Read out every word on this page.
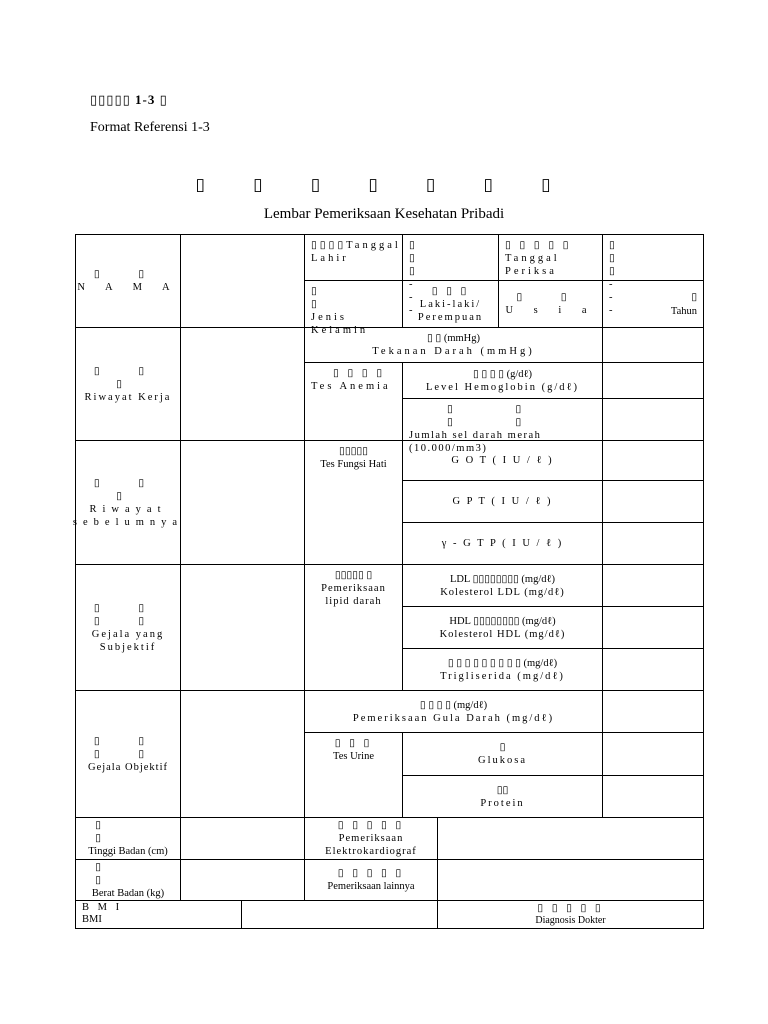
▯▯▯▯▯ 1-3 ▯
Format Referensi 1-3
▯ ▯ ▯ ▯ ▯ ▯ ▯
Lembar Pemeriksaan Kesehatan Pribadi
▯ ▯
N A M A
▯▯▯▯Tanggal Lahir
▯ ▯ ▯
- - -
▯ ▯ ▯ ▯ ▯
Tanggal Periksa
▯ ▯ ▯
- - -
▯ ▯
Jenis Kelamin
▯ ▯ ▯
Laki-laki/ Perempuan
▯ ▯
U s i a
▯
Tahun
▯ ▯ ▯
Riwayat Kerja
▯ ▯ (mmHg)
Tekanan Darah (mmHg)
▯ ▯ ▯ ▯
Tes Anemia
▯ ▯ ▯ ▯ (g/dℓ)
Level Hemoglobin (g/dℓ)
▯ ▯ ▯ ▯
Jumlah sel darah merah (10.000/mm3)
▯ ▯ ▯
Riwayat sebelumnya
▯▯▯▯▯
Tes Fungsi Hati	G O T ( I U / ℓ )
G P T ( I U / ℓ )
γ - G T P ( I U / ℓ )
▯ ▯ ▯ ▯
Gejala yang Subjektif
▯▯▯▯▯ ▯
Pemeriksaan lipid darah
LDL ▯▯▯▯▯▯▯▯ (mg/dℓ)
Kolesterol LDL (mg/dℓ)
HDL ▯▯▯▯▯▯▯▯ (mg/dℓ)
Kolesterol HDL (mg/dℓ)
▯ ▯ ▯ ▯ ▯ ▯ ▯ ▯ ▯ (mg/dℓ)
Trigliserida (mg/dℓ)
▯ ▯ ▯ ▯
Gejala Objektif
▯ ▯ ▯ ▯ (mg/dℓ)
Pemeriksaan Gula Darah (mg/dℓ)
▯ ▯ ▯
Tes Urine
▯
Glukosa
▯▯
Protein
▯ ▯
Tinggi Badan (cm)
▯ ▯ ▯ ▯ ▯
Pemeriksaan Elektrokardiograf
▯ ▯
Berat Badan (kg)
▯ ▯ ▯ ▯ ▯
Pemeriksaan lainnya
B M I
BMI
▯ ▯ ▯ ▯ ▯
Diagnosis Dokter
